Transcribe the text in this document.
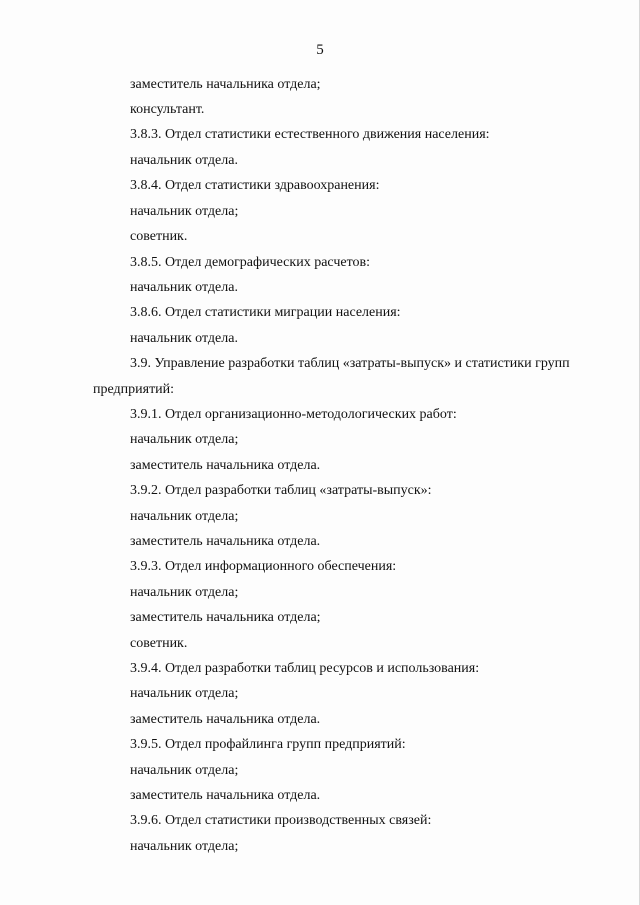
5
заместитель начальника отдела;
консультант.
3.8.3. Отдел статистики естественного движения населения:
начальник отдела.
3.8.4. Отдел статистики здравоохранения:
начальник отдела;
советник.
3.8.5. Отдел демографических расчетов:
начальник отдела.
3.8.6. Отдел статистики миграции населения:
начальник отдела.
3.9. Управление разработки таблиц «затраты-выпуск» и статистики групп
предприятий:
3.9.1. Отдел организационно-методологических работ:
начальник отдела;
заместитель начальника отдела.
3.9.2. Отдел разработки таблиц «затраты-выпуск»:
начальник отдела;
заместитель начальника отдела.
3.9.3. Отдел информационного обеспечения:
начальник отдела;
заместитель начальника отдела;
советник.
3.9.4. Отдел разработки таблиц ресурсов и использования:
начальник отдела;
заместитель начальника отдела.
3.9.5. Отдел профайлинга групп предприятий:
начальник отдела;
заместитель начальника отдела.
3.9.6. Отдел статистики производственных связей:
начальник отдела;
